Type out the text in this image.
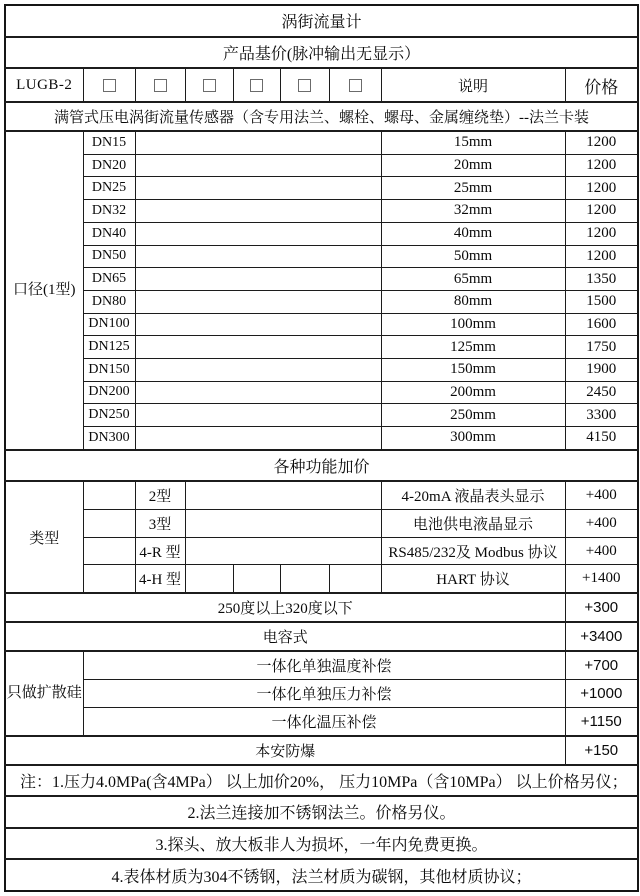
涡街流量计								
产品基价(脉冲输出无显示）								
LUGB-2							说明	价格
满管式压电涡街流量传感器（含专用法兰、螺栓、螺母、金属缠绕垫）--法兰卡装								
口径(1型)	DN15						15mm	1200
	DN20						20mm	1200
	DN25						25mm	1200
	DN32						32mm	1200
	DN40						40mm	1200
	DN50						50mm	1200
	DN65						65mm	1350
	DN80						80mm	1500
	DN100						100mm	1600
	DN125						125mm	1750
	DN150						150mm	1900
	DN200						200mm	2450
	DN250						250mm	3300
	DN300						300mm	4150
各种功能加价								
类型		2型					4-20mA 液晶表头显示	+400
		3型					电池供电液晶显示	+400
		4-R 型					RS485/232及 Modbus 协议	+400
		4-H 型					HART 协议	+1400
250度以上320度以下								+300
电容式								+3400
只做扩散硅	一体化单独温度补偿							+700
	一体化单独压力补偿							+1000
	一体化温压补偿							+1150
本安防爆								+150
注：1.压力4.0MPa(含4MPa） 以上加价20%， 压力10MPa（含10MPa） 以上价格另仪；								
2.法兰连接加不锈钢法兰。价格另仪。								
3.探头、放大板非人为损坏，一年内免费更换。								
4.表体材质为304不锈钢，法兰材质为碳钢，其他材质协议；								
